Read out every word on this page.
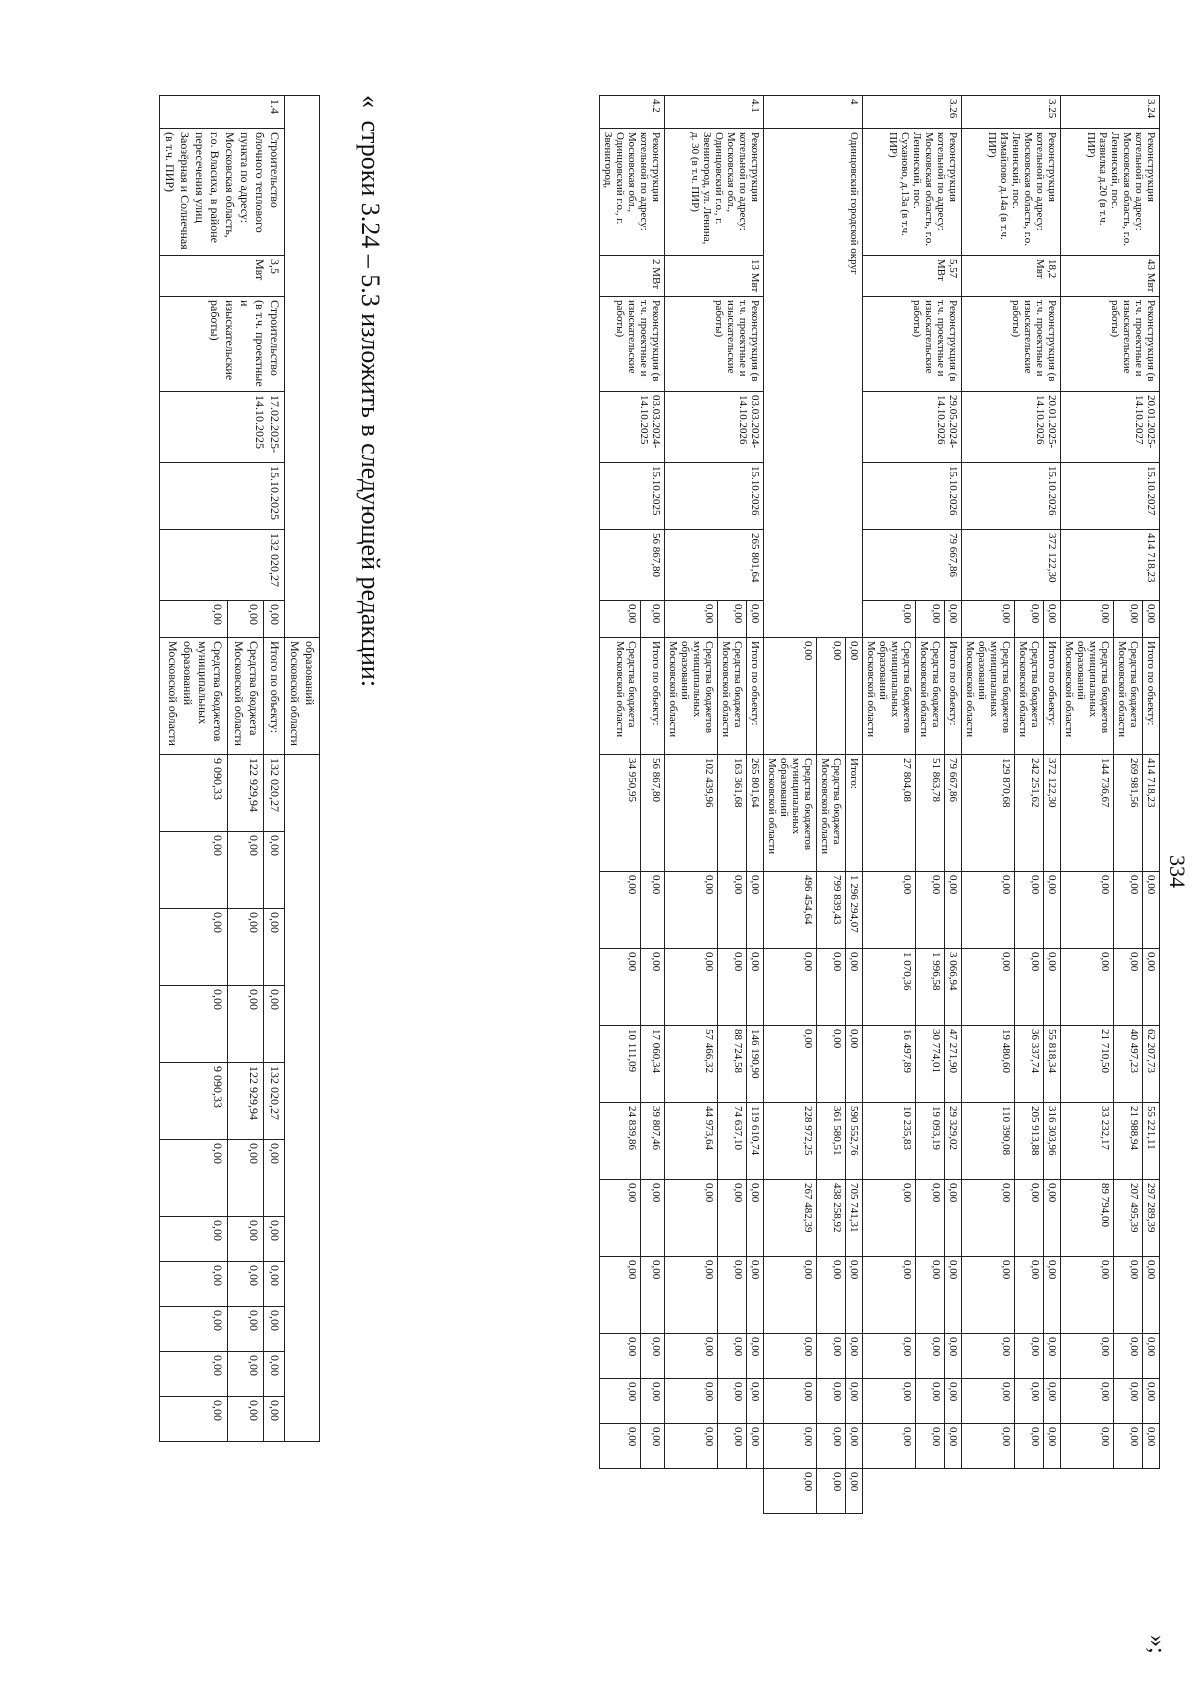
334
»;
« строки 3.24 – 5.3 изложить в следующей редакции:
3.24	Реконструкция котельной по адресу: Московская область, г.о. Ленинский, пос. Развилка д.20 (в т.ч. ПИР)	43 Мвт	Реконструкция (в т.ч. проектные и изыскательские работы)	20.01.2025- 14.10.2027	15.10.2027	414 718,23	0,00	Итого по объекту:	414 718,23	0,00	0,00	62 207,73	55 221,11	297 289,39	0,00	0,00	0,00	0,00	
							0,00	Средства бюджета Московской области	269 981,56	0,00	0,00	40 497,23	21 988,94	207 495,39	0,00	0,00	0,00	0,00	
							0,00	Средства бюджетов муниципальных образований Московской области	144 736,67	0,00	0,00	21 710,50	33 232,17	89 794,00	0,00	0,00	0,00	0,00	
3.25	Реконструкция котельной по адресу: Московская область, г.о. Ленинский, пос. Измайлово д.14а (в т.ч. ПИР)	18,2 Мвт	Реконструкция (в т.ч. проектные и изыскательские работы)	20.01.2025- 14.10.2026	15.10.2026	372 122,30	0,00	Итого по объекту:	372 122,30	0,00	0,00	55 818,34	316 303,96	0,00	0,00	0,00	0,00	0,00	
							0,00	Средства бюджета Московской области	242 251,62	0,00	0,00	36 337,74	205 913,88	0,00	0,00	0,00	0,00	0,00	
							0,00	Средства бюджетов муниципальных образований Московской области	129 870,68	0,00	0,00	19 480,60	110 390,08	0,00	0,00	0,00	0,00	0,00	
3.26	Реконструкция котельной по адресу: Московская область, г.о. Ленинский, пос. Суханово, д.13а (в т.ч. ПИР)	5,57 МВт	Реконструкция (в т.ч. проектные и изыскательские работы)	29.05.2024- 14.10.2026	15.10.2026	79 667,86	0,00	Итого по объекту:	79 667,86	0,00	3 066,94	47 271,90	29 329,02	0,00	0,00	0,00	0,00	0,00	
							0,00	Средства бюджета Московской области	51 863,78	0,00	1 996,58	30 774,01	19 093,19	0,00	0,00	0,00	0,00	0,00	
							0,00	Средства бюджетов муниципальных образований Московской области	27 804,08	0,00	1 070,36	16 497,89	10 235,83	0,00	0,00	0,00	0,00	0,00	
4	Одинцовский городской округ							0,00	Итого:	1 296 294,07	0,00	0,00	590 552,76	705 741,31	0,00	0,00	0,00	0,00	0,00
								0,00	Средства бюджета Московской области	799 839,43	0,00	0,00	361 580,51	438 258,92	0,00	0,00	0,00	0,00	0,00
								0,00	Средства бюджетов муниципальных образований Московской области	496 454,64	0,00	0,00	228 972,25	267 482,39	0,00	0,00	0,00	0,00	0,00
4.1	Реконструкция котельной по адресу: Московская обл., Одинцовский г.о., г. Звенигород, ул. Ленина, д. 30 (в т.ч. ПИР)	13 Мвт	Реконструкция (в т.ч. проектные и изыскательские работы)	03.03.2024- 14.10.2026	15.10.2026	265 801,64	0,00	Итого по объекту:	265 801,64	0,00	0,00	146 190,90	119 610,74	0,00	0,00	0,00	0,00	0,00	
							0,00	Средства бюджета Московской области	163 361,68	0,00	0,00	88 724,58	74 637,10	0,00	0,00	0,00	0,00	0,00	
							0,00	Средства бюджетов муниципальных образований Московской области	102 439,96	0,00	0,00	57 466,32	44 973,64	0,00	0,00	0,00	0,00	0,00	
4.2	Реконструкция котельной по адресу: Московская обл., Одинцовский г.о., г. Звенигород,	2 МВт	Реконструкция (в т.ч. проектные и изыскательские работы)	03.03.2024- 14.10.2025	15.10.2025	56 867,80	0,00	Итого по объекту:	56 867,80	0,00	0,00	17 060,34	39 807,46	0,00	0,00	0,00	0,00	0,00	
							0,00	Средства бюджета Московской области	34 950,95	0,00	0,00	10 111,09	24 839,86	0,00	0,00	0,00	0,00	0,00	
								образований Московской области											
1.4	Строительство блочного теплового пункта по адресу: Московская область, г.о. Власиха, в районе пересечения улиц Заозёрная и Солнечная (в т.ч. ПИР)	3,5 Мвт	Строительство (в т.ч. проектные и изыскательские работы)	17.02.2025- 14.10.2025	15.10.2025	132 020,27	0,00	Итого по объекту:	132 020,27	0,00	0,00	0,00	132 020,27	0,00	0,00	0,00	0,00	0,00	0,00
							0,00	Средства бюджета Московской области	122 929,94	0,00	0,00	0,00	122 929,94	0,00	0,00	0,00	0,00	0,00	0,00
							0,00	Средства бюджетов муниципальных образований Московской области	9 090,33	0,00	0,00	0,00	9 090,33	0,00	0,00	0,00	0,00	0,00	0,00
